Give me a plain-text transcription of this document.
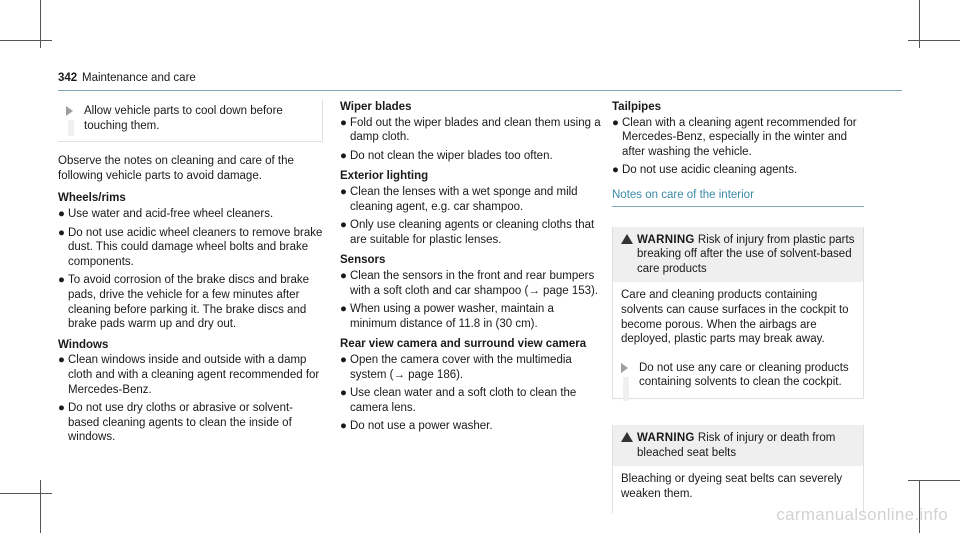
342 Maintenance and care
Allow vehicle parts to cool down before touching them.

Observe the notes on cleaning and care of the following vehicle parts to avoid damage.

Wheels/rims
● Use water and acid-free wheel cleaners.
● Do not use acidic wheel cleaners to remove brake dust. This could damage wheel bolts and brake components.
● To avoid corrosion of the brake discs and brake pads, drive the vehicle for a few minutes after cleaning before parking it. The brake discs and brake pads warm up and dry out.
Windows
● Clean windows inside and outside with a damp cloth and with a cleaning agent recommended for Mercedes-Benz.
● Do not use dry cloths or abrasive or solvent-based cleaning agents to clean the inside of windows.
Wiper blades
● Fold out the wiper blades and clean them using a damp cloth.
● Do not clean the wiper blades too often.
Exterior lighting
● Clean the lenses with a wet sponge and mild cleaning agent, e.g. car shampoo.
● Only use cleaning agents or cleaning cloths that are suitable for plastic lenses.
Sensors
● Clean the sensors in the front and rear bumpers with a soft cloth and car shampoo (→ page 153).
● When using a power washer, maintain a minimum distance of 11.8 in (30 cm).
Rear view camera and surround view camera
● Open the camera cover with the multimedia system (→ page 186).
● Use clean water and a soft cloth to clean the camera lens.
● Do not use a power washer.
Tailpipes
● Clean with a cleaning agent recommended for Mercedes-Benz, especially in the winter and after washing the vehicle.
● Do not use acidic cleaning agents.
Notes on care of the interior
WARNING Risk of injury from plastic parts breaking off after the use of solvent-based care products

Care and cleaning products containing solvents can cause surfaces in the cockpit to become porous. When the airbags are deployed, plastic parts may break away.

Do not use any care or cleaning products containing solvents to clean the cockpit.
WARNING Risk of injury or death from bleached seat belts

Bleaching or dyeing seat belts can severely weaken them.

carmanualsonline.info
